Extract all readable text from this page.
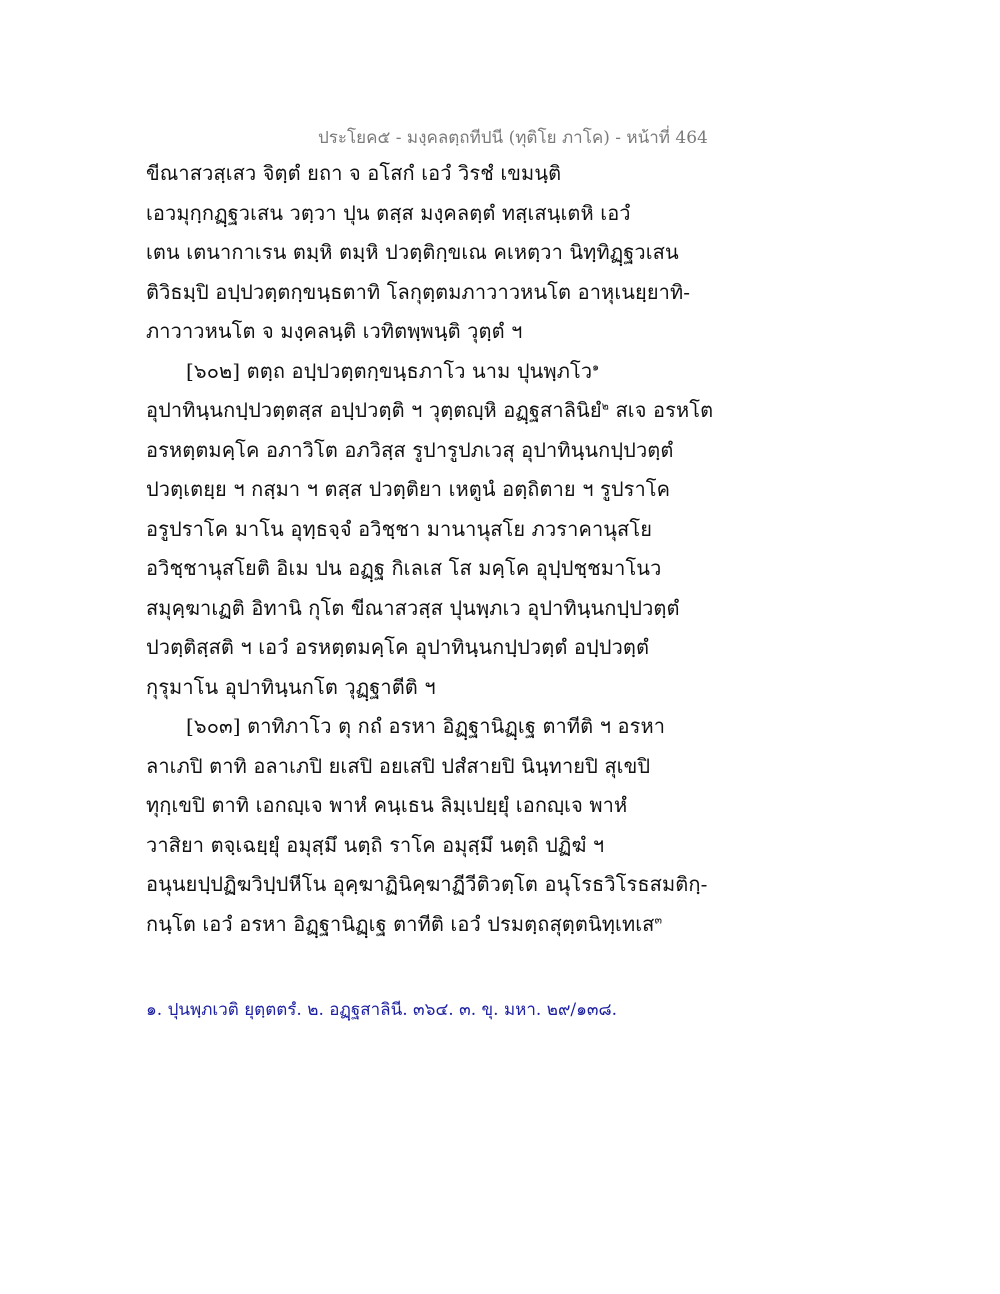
ประโยค๕ - มงฺคลตฺถทีปนี (ทุติโย ภาโค) - หน้าที่ 464
ขีณาสวสฺเสว จิตฺตํ ยถา จ อโสกํ เอวํ วิรชํ เขมนฺติ
เอวมุกฺกฏฺฐวเสน วตฺวา ปุน ตสฺส มงฺคลตฺตํ ทสฺเสนฺเตหิ เอวํ
เตน เตนากาเรน ตมฺหิ ตมฺหิ ปวตฺติกฺขเณ คเหตฺวา นิทฺทิฏฺฐวเสน
ติวิธมฺปิ อปฺปวตฺตกฺขนฺธตาทิ โลกุตฺตมภาวาวหนโต อาหุเนยฺยาทิ-
ภาวาวหนโต จ มงฺคลนฺติ เวทิตพฺพนฺติ วุตฺตํ ฯ
[๖๐๒] ตตฺถ อปฺปวตฺตกฺขนฺธภาโว นาม ปุนพฺภโว$^๑$
อุปาทินฺนกปฺปวตฺตสฺส อปฺปวตฺติ ฯ วุตฺตญฺหิ อฏฺฐสาลินิยํ$^๒$ สเจ อรหโต
อรหตฺตมคฺโค อภาวิโต อภวิสฺส รูปารูปภเวสุ อุปาทินฺนกปฺปวตฺตํ
ปวตฺเตยฺย ฯ กสฺมา ฯ ตสฺส ปวตฺติยา เหตูนํ อตฺถิตาย ฯ รูปราโค
อรูปราโค มาโน อุทฺธจฺจํ อวิชฺชา มานานุสโย ภวราคานุสโย
อวิชฺชานุสโยติ อิเม ปน อฏฺฐ กิเลเส โส มคฺโค อุปฺปชฺชมาโนว
สมุคฺฆาเฏติ อิทานิ กุโต ขีณาสวสฺส ปุนพฺภเว อุปาทินฺนกปฺปวตฺตํ
ปวตฺติสฺสติ ฯ เอวํ อรหตฺตมคฺโค อุปาทินฺนกปฺปวตฺตํ อปฺปวตฺตํ
กุรุมาโน อุปาทินฺนกโต วุฏฺฐาตีติ ฯ
[๖๐๓] ตาทิภาโว ตุ กถํ อรหา อิฏฺฐานิฏฺเฐ ตาทีติ ฯ อรหา
ลาเภปิ ตาทิ อลาเภปิ ยเสปิ อยเสปิ ปสํสายปิ นินฺทายปิ สุเขปิ
ทุกฺเขปิ ตาทิ เอกญฺเจ พาหํ คนฺเธน ลิมฺเปยฺยุํ เอกญฺเจ พาหํ
วาสิยา ตจฺเฉยฺยุํ อมุสฺมึ นตฺถิ ราโค อมุสฺมึ นตฺถิ ปฏิฆํ ฯ
อนุนยปฺปฏิฆวิปฺปหีโน อุคฺฆาฏินิคฺฆาฏีวีติวตฺโต อนุโรธวิโรธสมติกฺ-
กนฺโต เอวํ อรหา อิฏฺฐานิฏฺเฐ ตาทีติ เอวํ ปรมตฺถสุตฺตนิทฺเทเส$^๓$
๑. ปุนพฺภเวติ ยุตฺตตรํ. ๒. อฏฺฐสาลินี. ๓๖๔. ๓. ขุ. มหา. ๒๙/๑๓๘.
